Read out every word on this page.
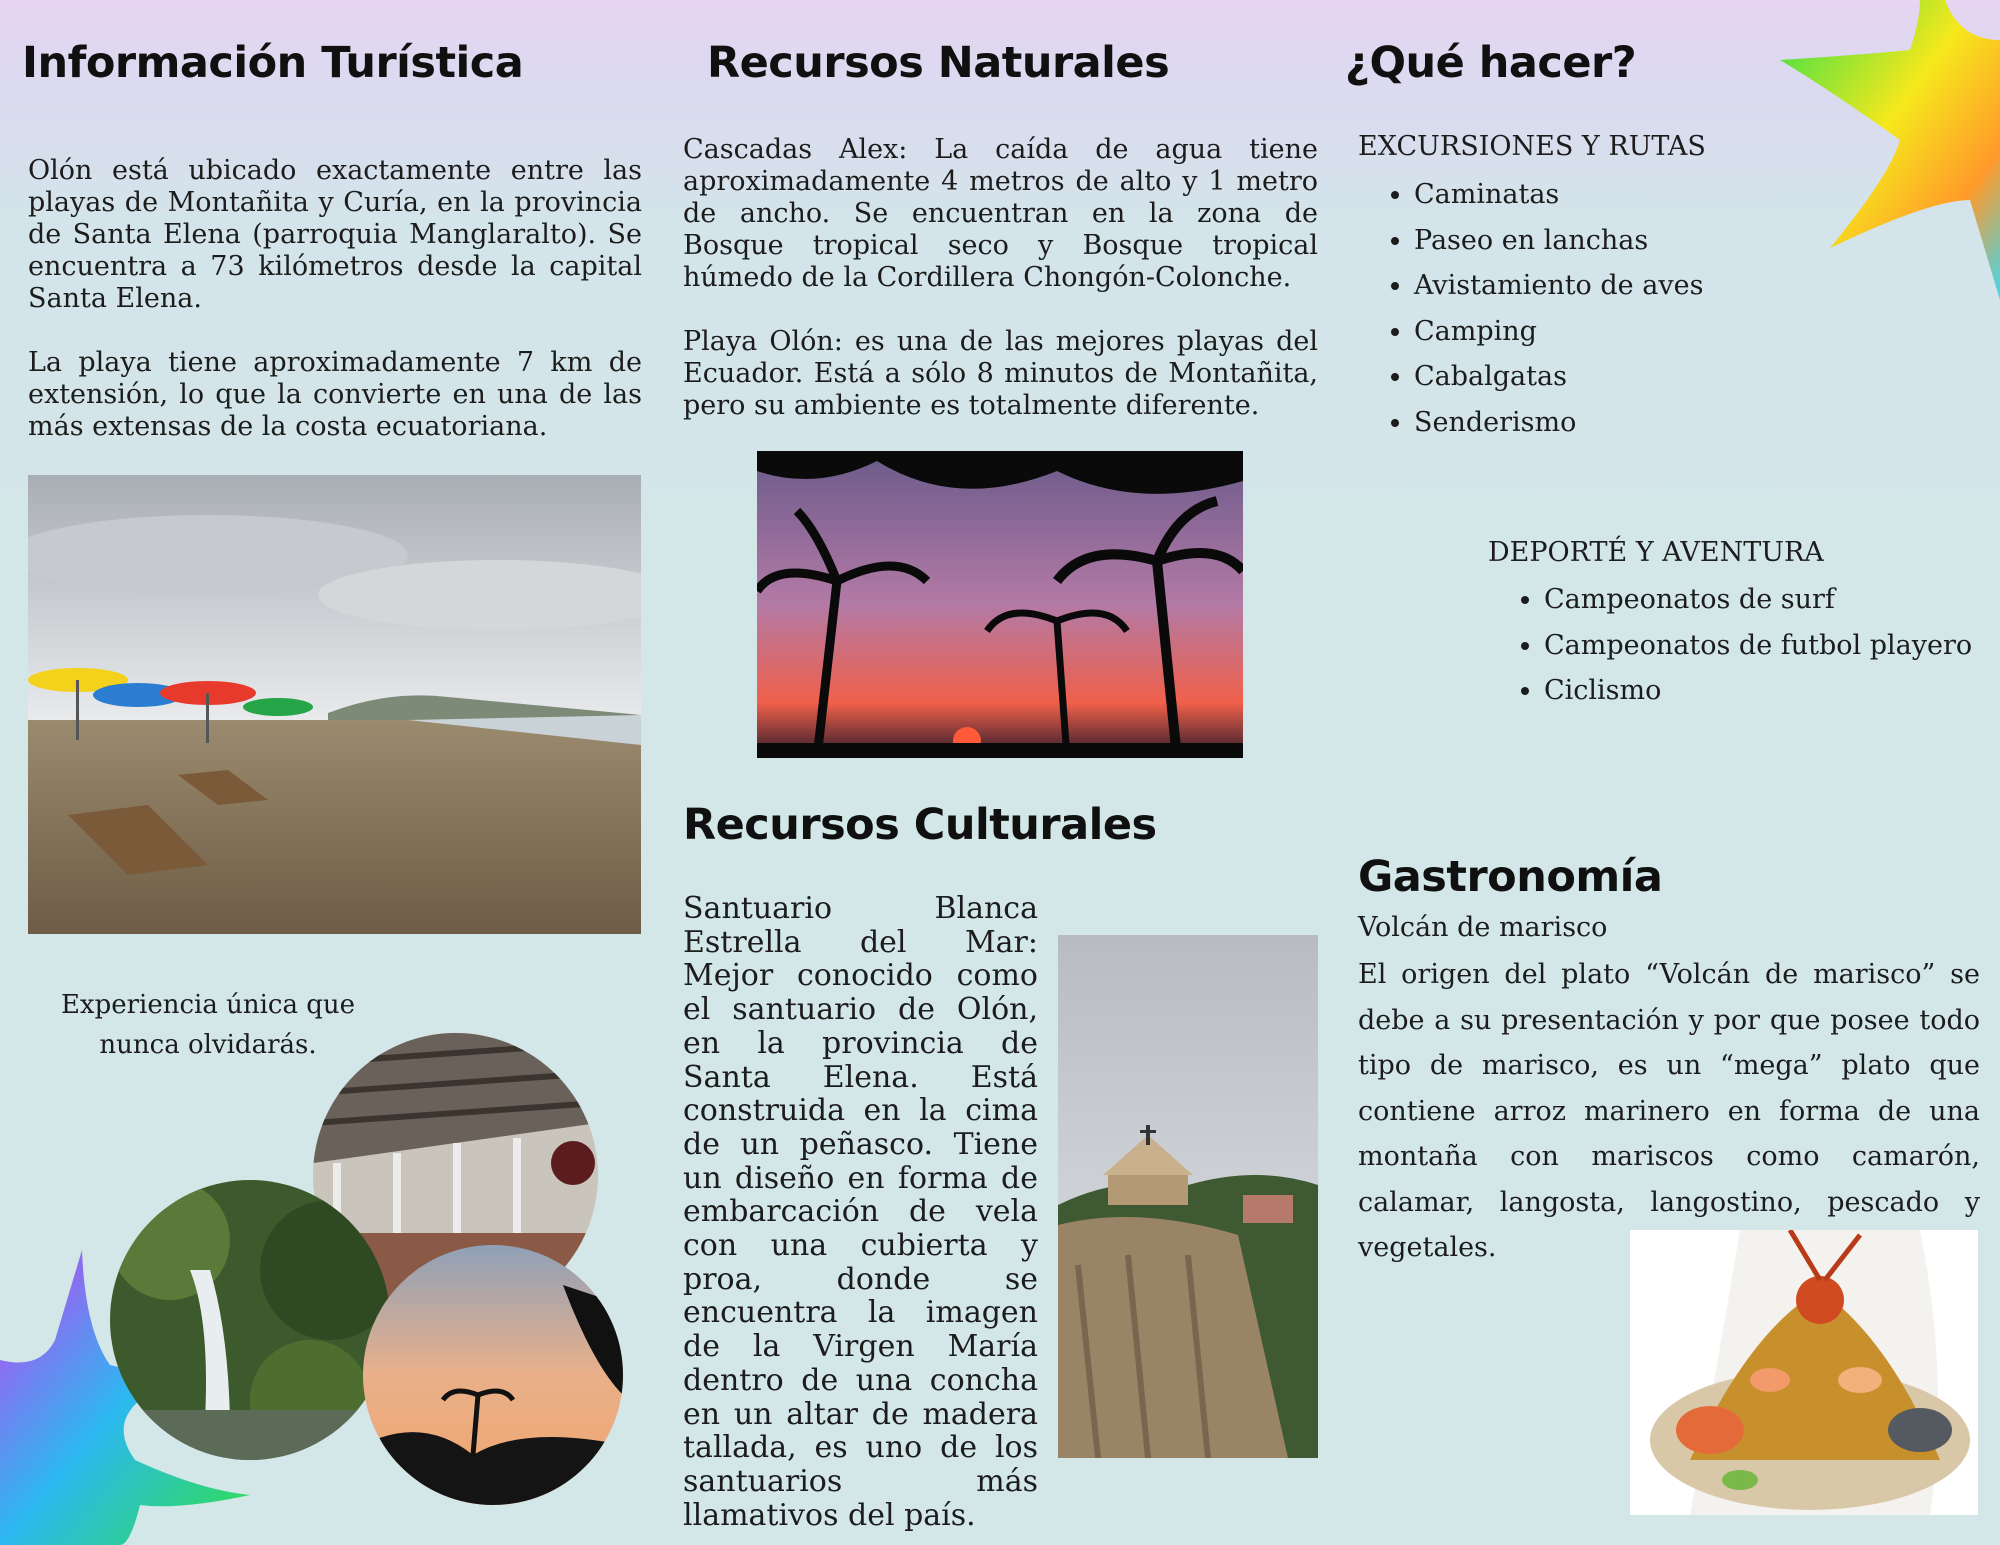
Información Turística
Olón está ubicado exactamente entre las playas de Montañita y Curía, en la provincia de Santa Elena (parroquia Manglaralto). Se encuentra a 73 kilómetros desde la capital Santa Elena.
La playa tiene aproximadamente 7 km de extensión, lo que la convierte en una de las más extensas de la costa ecuatoriana.
Experiencia única que
nunca olvidarás.
Recursos Naturales
Cascadas Alex: La caída de agua tiene aproximadamente 4 metros de alto y 1 metro de ancho. Se encuentran en la zona de Bosque tropical seco y Bosque tropical húmedo de la Cordillera Chongón-Colonche.
Playa Olón: es una de las mejores playas del Ecuador. Está a sólo 8 minutos de Montañita, pero su ambiente es totalmente diferente.
Recursos Culturales

Santuario Blanca Estrella del Mar: Mejor conocido como el santuario de Olón, en la provincia de Santa Elena. Está construida en la cima de un peñasco. Tiene un diseño en forma de embarcación de vela con una cubierta y proa, donde se encuentra la imagen de la Virgen María dentro de una concha en un altar de madera tallada, es uno de los santuarios más llamativos del país.

¿Qué hacer?
EXCURSIONES Y RUTAS
• Caminatas
• Paseo en lanchas
• Avistamiento de aves
• Camping
• Cabalgatas
• Senderismo
DEPORTÉ Y AVENTURA
• Campeonatos de surf
• Campeonatos de futbol playero
• Ciclismo
Gastronomía
Volcán de marisco

El origen del plato “Volcán de marisco” se debe a su presentación y por que posee todo tipo de marisco, es un “mega” plato que contiene arroz marinero en forma de una montaña con mariscos como camarón, calamar, langosta, langostino, pescado y vegetales.
